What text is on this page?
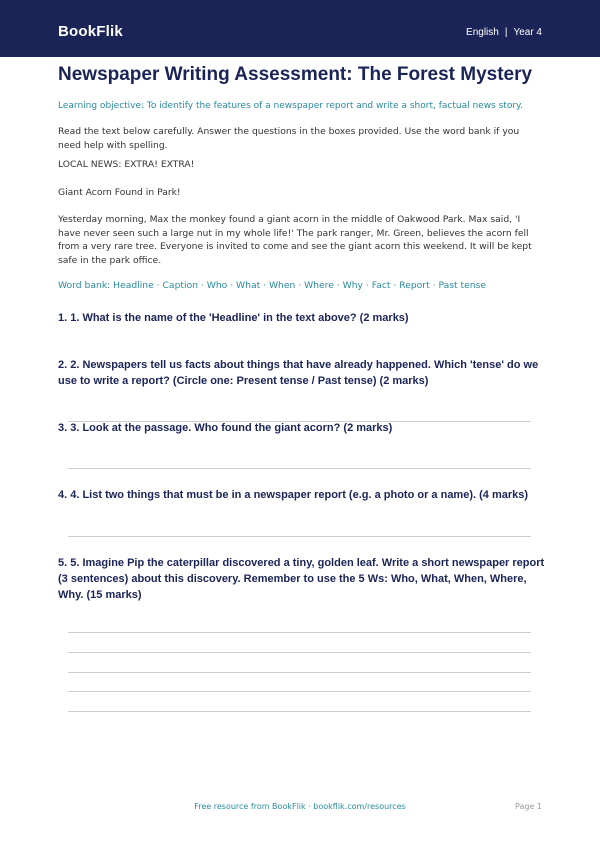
BookFlik	English | Year 4
Newspaper Writing Assessment: The Forest Mystery
Learning objective: To identify the features of a newspaper report and write a short, factual news story.

Read the text below carefully. Answer the questions in the boxes provided. Use the word bank if you need help with spelling.

LOCAL NEWS: EXTRA! EXTRA!

Giant Acorn Found in Park!

Yesterday morning, Max the monkey found a giant acorn in the middle of Oakwood Park. Max said, 'I have never seen such a large nut in my whole life!' The park ranger, Mr. Green, believes the acorn fell from a very rare tree. Everyone is invited to come and see the giant acorn this weekend. It will be kept safe in the park office.

Word bank: Headline · Caption · Who · What · When · Where · Why · Fact · Report · Past tense

1. 1. What is the name of the 'Headline' in the text above? (2 marks)

2. 2. Newspapers tell us facts about things that have already happened. Which 'tense' do we use to write a report? (Circle one: Present tense / Past tense) (2 marks)

3. 3. Look at the passage. Who found the giant acorn? (2 marks)

4. 4. List two things that must be in a newspaper report (e.g. a photo or a name). (4 marks)

5. 5. Imagine Pip the caterpillar discovered a tiny, golden leaf. Write a short newspaper report (3 sentences) about this discovery. Remember to use the 5 Ws: Who, What, When, Where, Why. (15 marks)

Free resource from BookFlik · bookflik.com/resources	Page 1
